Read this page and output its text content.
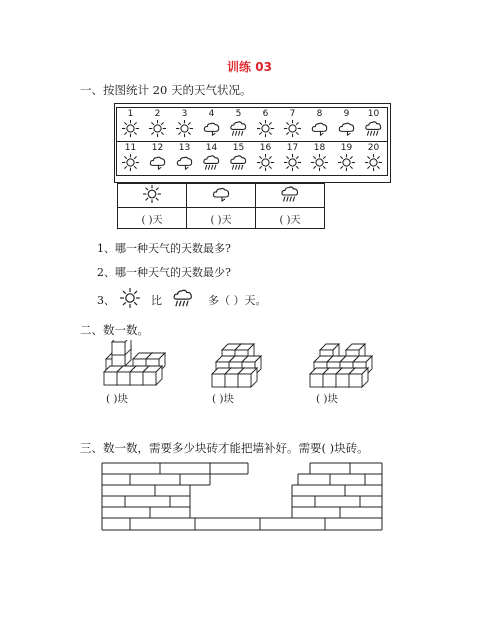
训练 03
一、按图统计 20 天的天气状况。
1	2	3	4	5	6	7	8	9	10

11	12	13	14	15	16	17	18	19	20

( )天	( )天	( )天
1、哪一种天气的天数最多?
2、哪一种天气的天数最少?
3、	比	多（ ）天。
二、数一数。
( )块	( )块	( )块
三、数一数，需要多少块砖才能把墙补好。需要( )块砖。
